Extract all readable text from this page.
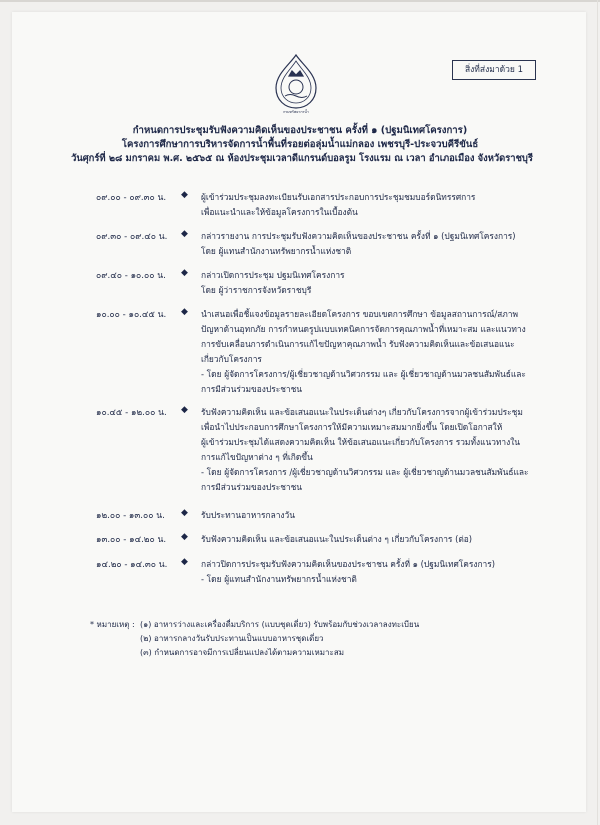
สิ่งที่ส่งมาด้วย 1
กรมทรัพยากรน้ำ
กำหนดการประชุมรับฟังความคิดเห็นของประชาชน ครั้งที่ ๑ (ปฐมนิเทศโครงการ)
โครงการศึกษาการบริหารจัดการน้ำพื้นที่รอยต่อลุ่มน้ำแม่กลอง เพชรบุรี-ประจวบคีรีขันธ์
วันศุกร์ที่ ๒๘ มกราคม พ.ศ. ๒๕๖๕ ณ ห้องประชุมเวลาดีแกรนด์บอลรูม โรงแรม ณ เวลา อำเภอเมือง จังหวัดราชบุรี
๐๙.๐๐ - ๐๙.๓๐ น.	◆ ผู้เข้าร่วมประชุมลงทะเบียนรับเอกสารประกอบการประชุมชมบอร์ดนิทรรศการ
เพื่อแนะนำและให้ข้อมูลโครงการในเบื้องต้น
๐๙.๓๐ - ๐๙.๔๐ น.	◆ กล่าวรายงาน การประชุมรับฟังความคิดเห็นของประชาชน ครั้งที่ ๑ (ปฐมนิเทศโครงการ)
โดย ผู้แทนสำนักงานทรัพยากรน้ำแห่งชาติ
๐๙.๔๐ - ๑๐.๐๐ น.	◆ กล่าวเปิดการประชุม ปฐมนิเทศโครงการ
โดย ผู้ว่าราชการจังหวัดราชบุรี
๑๐.๐๐ - ๑๐.๔๕ น.	◆ นำเสนอเพื่อชี้แจงข้อมูลรายละเอียดโครงการ ขอบเขตการศึกษา ข้อมูลสถานการณ์/สภาพ
ปัญหาด้านอุทกภัย การกำหนดรูปแบบเทคนิคการจัดการคุณภาพน้ำที่เหมาะสม และแนวทาง
การขับเคลื่อนการดำเนินการแก้ไขปัญหาคุณภาพน้ำ รับฟังความคิดเห็นและข้อเสนอแนะ
เกี่ยวกับโครงการ
- โดย ผู้จัดการโครงการ/ผู้เชี่ยวชาญด้านวิศวกรรม และ ผู้เชี่ยวชาญด้านมวลชนสัมพันธ์และ
การมีส่วนร่วมของประชาชน
๑๐.๔๕ - ๑๒.๐๐ น.	◆ รับฟังความคิดเห็น และข้อเสนอแนะในประเด็นต่างๆ เกี่ยวกับโครงการจากผู้เข้าร่วมประชุม
เพื่อนำไปประกอบการศึกษาโครงการให้มีความเหมาะสมมากยิ่งขึ้น โดยเปิดโอกาสให้
ผู้เข้าร่วมประชุมได้แสดงความคิดเห็น ให้ข้อเสนอแนะเกี่ยวกับโครงการ รวมทั้งแนวทางใน
การแก้ไขปัญหาต่าง ๆ ที่เกิดขึ้น
- โดย ผู้จัดการโครงการ /ผู้เชี่ยวชาญด้านวิศวกรรม และ ผู้เชี่ยวชาญด้านมวลชนสัมพันธ์และ
การมีส่วนร่วมของประชาชน
๑๒.๐๐ - ๑๓.๐๐ น.	◆ รับประทานอาหารกลางวัน
๑๓.๐๐ - ๑๔.๒๐ น.	◆ รับฟังความคิดเห็น และข้อเสนอแนะในประเด็นต่าง ๆ เกี่ยวกับโครงการ (ต่อ)
๑๔.๒๐ - ๑๔.๓๐ น.	◆ กล่าวปิดการประชุมรับฟังความคิดเห็นของประชาชน ครั้งที่ ๑ (ปฐมนิเทศโครงการ)
- โดย ผู้แทนสำนักงานทรัพยากรน้ำแห่งชาติ
* หมายเหตุ : (๑) อาหารว่างและเครื่องดื่มบริการ (แบบชุดเดี่ยว) รับพร้อมกับช่วงเวลาลงทะเบียน
(๒) อาหารกลางวันรับประทานเป็นแบบอาหารชุดเดี่ยว
(๓) กำหนดการอาจมีการเปลี่ยนแปลงได้ตามความเหมาะสม
